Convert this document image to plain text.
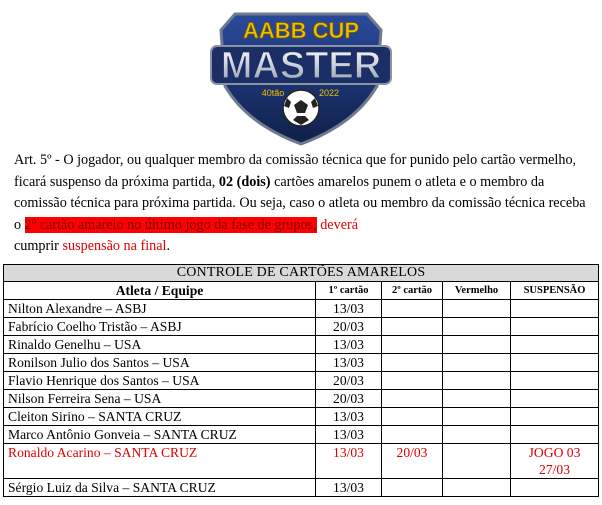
AABB CUP
MASTER
40tão	2022

Art. 5º - O jogador, ou qualquer membro da comissão técnica que for punido pelo cartão vermelho, ficará suspenso da próxima partida, 02 (dois) cartões amarelos punem o atleta e o membro da comissão técnica para próxima partida. Ou seja, caso o atleta ou membro da comissão técnica receba o 2º cartão amarelo no último jogo da fase de grupos, deverá
cumprir suspensão na final.

CONTROLE DE CARTÕES AMARELOS				
Atleta / Equipe	1º cartão	2º cartão	Vermelho	SUSPENSÃO
Nilton Alexandre – ASBJ	13/03			
Fabrício Coelho Tristão – ASBJ	20/03			
Rinaldo Genelhu – USA	13/03			
Ronilson Julio dos Santos – USA	13/03			
Flavio Henrique dos Santos – USA	20/03			
Nilson Ferreira Sena – USA	20/03			
Cleiton Sirino – SANTA CRUZ	13/03			
Marco Antônio Gonveia – SANTA CRUZ	13/03			
Ronaldo Acarino – SANTA CRUZ	13/03	20/03		JOGO 03
27/03
Sérgio Luiz da Silva – SANTA CRUZ	13/03			
